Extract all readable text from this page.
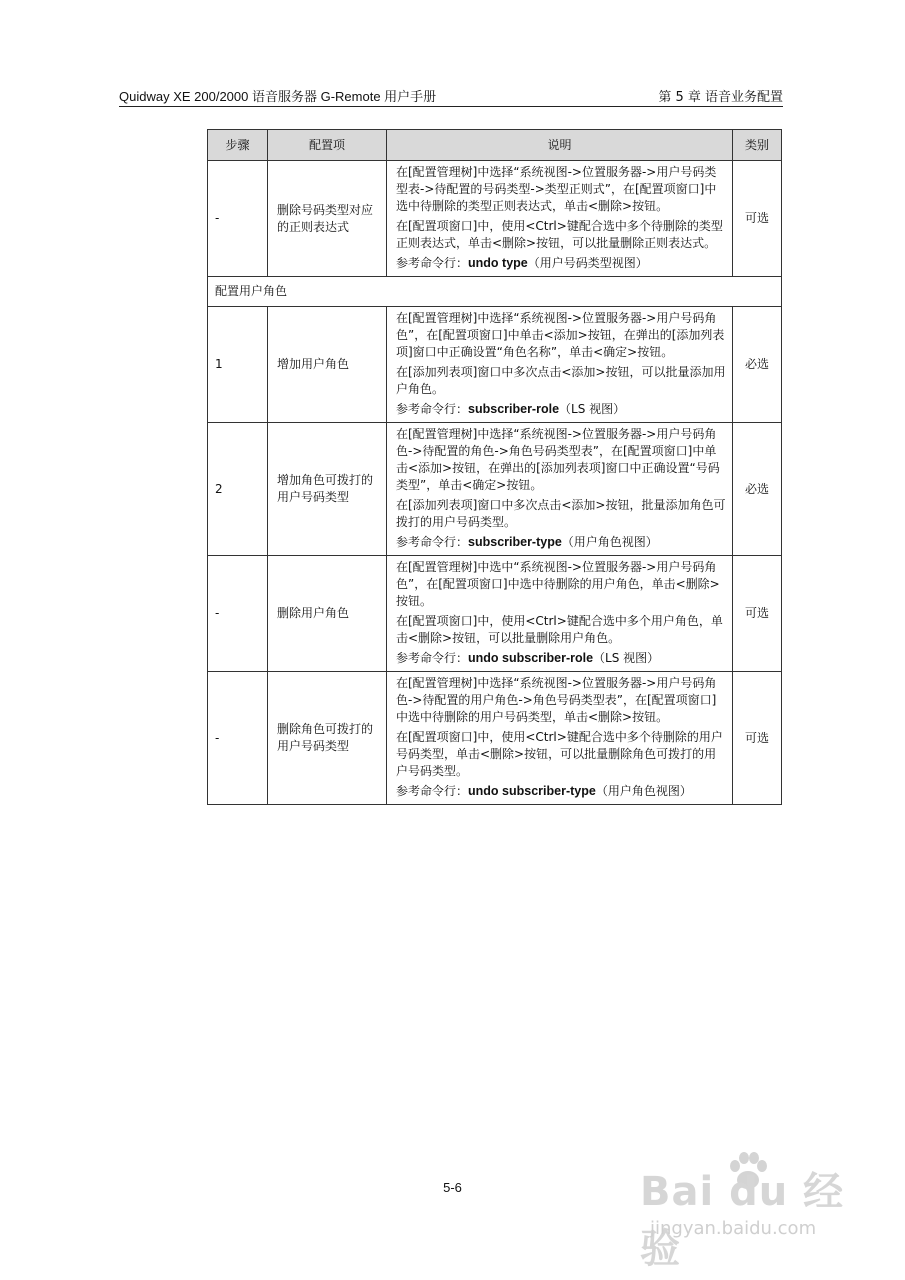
Quidway XE 200/2000 语音服务器 G-Remote 用户手册	第 5 章 语音业务配置
步骤	配置项	说明	类别
-	删除号码类型对应的正则表达式	在[配置管理树]中选择“系统视图->位置服务器->用户号码类型表->待配置的号码类型->类型正则式”，在[配置项窗口]中选中待删除的类型正则表达式，单击<删除>按钮。
在[配置项窗口]中，使用<Ctrl>键配合选中多个待删除的类型正则表达式，单击<删除>按钮，可以批量删除正则表达式。
参考命令行：undo type（用户号码类型视图）	可选
配置用户角色			
1	增加用户角色	在[配置管理树]中选择“系统视图->位置服务器->用户号码角色”，在[配置项窗口]中单击<添加>按钮，在弹出的[添加列表项]窗口中正确设置“角色名称”，单击<确定>按钮。
在[添加列表项]窗口中多次点击<添加>按钮，可以批量添加用户角色。
参考命令行：subscriber-role（LS 视图）	必选
2	增加角色可拨打的用户号码类型	在[配置管理树]中选择“系统视图->位置服务器->用户号码角色->待配置的角色->角色号码类型表”，在[配置项窗口]中单击<添加>按钮，在弹出的[添加列表项]窗口中正确设置“号码类型”，单击<确定>按钮。
在[添加列表项]窗口中多次点击<添加>按钮，批量添加角色可拨打的用户号码类型。
参考命令行：subscriber-type（用户角色视图）	必选
-	删除用户角色	在[配置管理树]中选中“系统视图->位置服务器->用户号码角色”，在[配置项窗口]中选中待删除的用户角色，单击<删除>按钮。
在[配置项窗口]中，使用<Ctrl>键配合选中多个用户角色，单击<删除>按钮，可以批量删除用户角色。
参考命令行：undo subscriber-role（LS 视图）	可选
-	删除角色可拨打的用户号码类型	在[配置管理树]中选择“系统视图->位置服务器->用户号码角色->待配置的用户角色->角色号码类型表”，在[配置项窗口]中选中待删除的用户号码类型，单击<删除>按钮。
在[配置项窗口]中，使用<Ctrl>键配合选中多个待删除的用户号码类型，单击<删除>按钮，可以批量删除角色可拨打的用户号码类型。
参考命令行：undo subscriber-type（用户角色视图）	可选
5-6	Bai du 经验
jingyan.baidu.com
